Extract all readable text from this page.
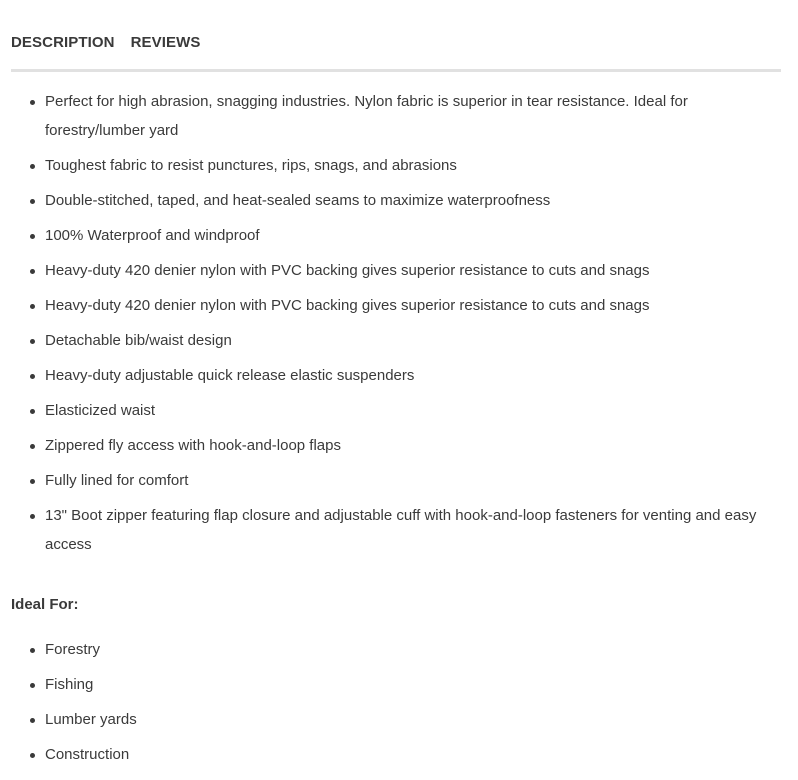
DESCRIPTION REVIEWS
Perfect for high abrasion, snagging industries. Nylon fabric is superior in tear resistance. Ideal for forestry/lumber yard
Toughest fabric to resist punctures, rips, snags, and abrasions
Double-stitched, taped, and heat-sealed seams to maximize waterproofness
100% Waterproof and windproof
Heavy-duty 420 denier nylon with PVC backing gives superior resistance to cuts and snags
Heavy-duty 420 denier nylon with PVC backing gives superior resistance to cuts and snags
Detachable bib/waist design
Heavy-duty adjustable quick release elastic suspenders
Elasticized waist
Zippered fly access with hook-and-loop flaps
Fully lined for comfort
13" Boot zipper featuring flap closure and adjustable cuff with hook-and-loop fasteners for venting and easy access
Ideal For:
Forestry
Fishing
Lumber yards
Construction
